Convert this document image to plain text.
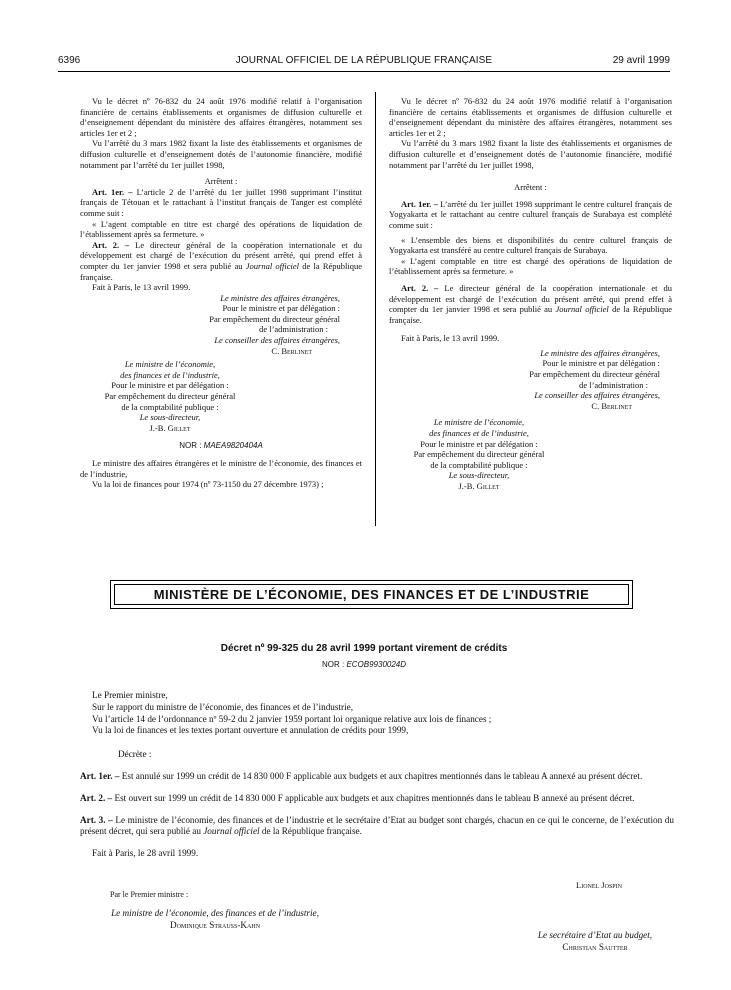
6396	JOURNAL OFFICIEL DE LA RÉPUBLIQUE FRANÇAISE	29 avril 1999

Vu le décret nº 76-832 du 24 août 1976 modifié relatif à l’organisation financière de certains établissements et organismes de diffusion culturelle et d’enseignement dépendant du ministère des affaires étrangères, notamment ses articles 1er et 2 ;

Vu l’arrêté du 3 mars 1982 fixant la liste des établissements et organismes de diffusion culturelle et d’enseignement dotés de l’autonomie financière, modifié notamment par l’arrêté du 1er juillet 1998,

Arrêtent :

Art. 1er. – L’article 2 de l’arrêté du 1er juillet 1998 supprimant l’institut français de Tétouan et le rattachant à l’institut français de Tanger est complété comme suit :

« L’agent comptable en titre est chargé des opérations de liquidation de l’établissement après sa fermeture. »

Art. 2. – Le directeur général de la coopération internationale et du développement est chargé de l’exécution du présent arrêté, qui prend effet à compter du 1er janvier 1998 et sera publié au Journal officiel de la République française.

Fait à Paris, le 13 avril 1999.

Le ministre des affaires étrangères,
Pour le ministre et par délégation :
Par empêchement du directeur général
de l’administration :
Le conseiller des affaires étrangères,
C. Berlinet
Le ministre de l’économie,
des finances et de l’industrie,
Pour le ministre et par délégation :
Par empêchement du directeur général
de la comptabilité publique :
Le sous-directeur,
J.-B. Gillet

NOR : MAEA9820404A

Le ministre des affaires étrangères et le ministre de l’économie, des finances et de l’industrie,

Vu la loi de finances pour 1974 (nº 73-1150 du 27 décembre 1973) ;

Vu le décret nº 76-832 du 24 août 1976 modifié relatif à l’organisation financière de certains établissements et organismes de diffusion culturelle et d’enseignement dépendant du ministère des affaires étrangères, notamment ses articles 1er et 2 ;

Vu l’arrêté du 3 mars 1982 fixant la liste des établissements et organismes de diffusion culturelle et d’enseignement dotés de l’autonomie financière, modifié notamment par l’arrêté du 1er juillet 1998,

Arrêtent :

Art. 1er. – L’arrêté du 1er juillet 1998 supprimant le centre culturel français de Yogyakarta et le rattachant au centre culturel français de Surabaya est complété comme suit :

« L’ensemble des biens et disponibilités du centre culturel français de Yogyakarta est transféré au centre culturel français de Surabaya.

« L’agent comptable en titre est chargé des opérations de liquidation de l’établissement après sa fermeture. »

Art. 2. – Le directeur général de la coopération internationale et du développement est chargé de l’exécution du présent arrêté, qui prend effet à compter du 1er janvier 1998 et sera publié au Journal officiel de la République française.

Fait à Paris, le 13 avril 1999.

Le ministre des affaires étrangères,
Pour le ministre et par délégation :
Par empêchement du directeur général
de l’administration :
Le conseiller des affaires étrangères,
C. Berlinet
Le ministre de l’économie,
des finances et de l’industrie,
Pour le ministre et par délégation :
Par empêchement du directeur général
de la comptabilité publique :
Le sous-directeur,
J.-B. Gillet
MINISTÈRE DE L’ÉCONOMIE, DES FINANCES ET DE L’INDUSTRIE
Décret nº 99-325 du 28 avril 1999 portant virement de crédits
NOR : ECOB9930024D

Le Premier ministre,

Sur le rapport du ministre de l’économie, des finances et de l’industrie,

Vu l’article 14 de l’ordonnance nº 59-2 du 2 janvier 1959 portant loi organique relative aux lois de finances ;

Vu la loi de finances et les textes portant ouverture et annulation de crédits pour 1999,

Décrète :

Art. 1er. – Est annulé sur 1999 un crédit de 14 830 000 F applicable aux budgets et aux chapitres mentionnés dans le tableau A annexé au présent décret.

Art. 2. – Est ouvert sur 1999 un crédit de 14 830 000 F applicable aux budgets et aux chapitres mentionnés dans le tableau B annexé au présent décret.

Art. 3. – Le ministre de l’économie, des finances et de l’industrie et le secrétaire d’Etat au budget sont chargés, chacun en ce qui le concerne, de l’exécution du présent décret, qui sera publié au Journal officiel de la République française.

Fait à Paris, le 28 avril 1999.

Lionel Jospin
Par le Premier ministre :
Le ministre de l’économie, des finances et de l’industrie,
Dominique Strauss-Kahn
Le secrétaire d’Etat au budget,
Christian Sautter
